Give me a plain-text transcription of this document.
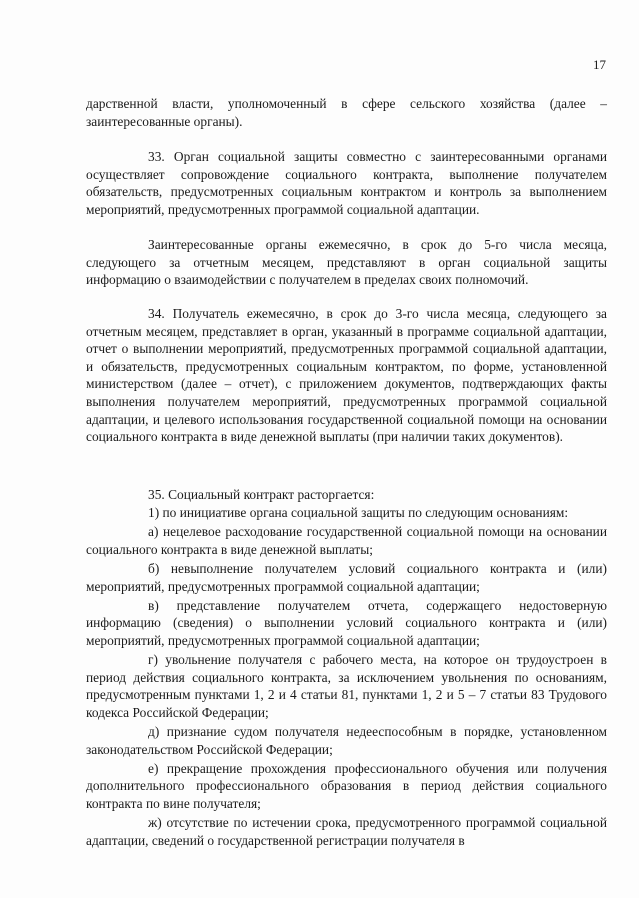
17

дарственной власти, уполномоченный в сфере сельского хозяйства (далее – заинтересованные органы).

33. Орган социальной защиты совместно с заинтересованными органами осуществляет сопровождение социального контракта, выполнение получателем обязательств, предусмотренных социальным контрактом и контроль за выполнением мероприятий, предусмотренных программой социальной адаптации.

Заинтересованные органы ежемесячно, в срок до 5-го числа месяца, следующего за отчетным месяцем, представляют в орган социальной защиты информацию о взаимодействии с получателем в пределах своих полномочий.

34. Получатель ежемесячно, в срок до 3-го числа месяца, следующего за отчетным месяцем, представляет в орган, указанный в программе социальной адаптации, отчет о выполнении мероприятий, предусмотренных программой социальной адаптации, и обязательств, предусмотренных социальным контрактом, по форме, установленной министерством (далее – отчет), с приложением документов, подтверждающих факты выполнения получателем мероприятий, предусмотренных программой социальной адаптации, и целевого использования государственной социальной помощи на основании социального контракта в виде денежной выплаты (при наличии таких документов).

35. Социальный контракт расторгается:

1) по инициативе органа социальной защиты по следующим основаниям:

а) нецелевое расходование государственной социальной помощи на основании социального контракта в виде денежной выплаты;

б) невыполнение получателем условий социального контракта и (или) мероприятий, предусмотренных программой социальной адаптации;

в) представление получателем отчета, содержащего недостоверную информацию (сведения) о выполнении условий социального контракта и (или) мероприятий, предусмотренных программой социальной адаптации;

г) увольнение получателя с рабочего места, на которое он трудоустроен в период действия социального контракта, за исключением увольнения по основаниям, предусмотренным пунктами 1, 2 и 4 статьи 81, пунктами 1, 2 и 5 – 7 статьи 83 Трудового кодекса Российской Федерации;

д) признание судом получателя недееспособным в порядке, установленном законодательством Российской Федерации;

е) прекращение прохождения профессионального обучения или получения дополнительного профессионального образования в период действия социального контракта по вине получателя;

ж) отсутствие по истечении срока, предусмотренного программой социальной адаптации, сведений о государственной регистрации получателя в
